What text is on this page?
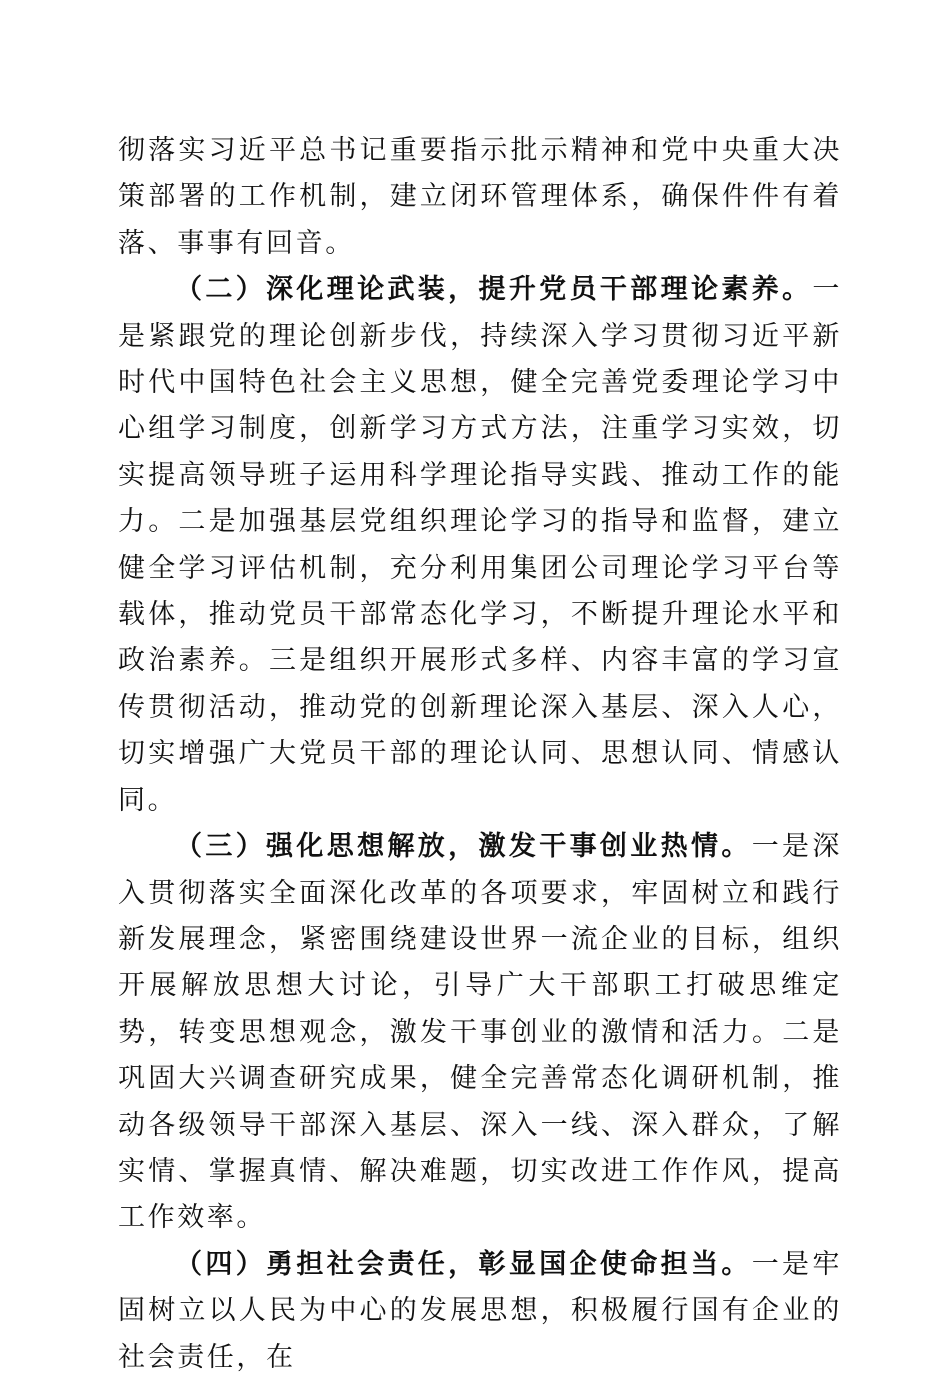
彻落实习近平总书记重要指示批示精神和党中央重大决策部署的工作机制，建立闭环管理体系，确保件件有着落、事事有回音。

（二）深化理论武装，提升党员干部理论素养。一是紧跟党的理论创新步伐，持续深入学习贯彻习近平新时代中国特色社会主义思想，健全完善党委理论学习中心组学习制度，创新学习方式方法，注重学习实效，切实提高领导班子运用科学理论指导实践、推动工作的能力。二是加强基层党组织理论学习的指导和监督，建立健全学习评估机制，充分利用集团公司理论学习平台等载体，推动党员干部常态化学习，不断提升理论水平和政治素养。三是组织开展形式多样、内容丰富的学习宣传贯彻活动，推动党的创新理论深入基层、深入人心，切实增强广大党员干部的理论认同、思想认同、情感认同。

（三）强化思想解放，激发干事创业热情。一是深入贯彻落实全面深化改革的各项要求，牢固树立和践行新发展理念，紧密围绕建设世界一流企业的目标，组织开展解放思想大讨论，引导广大干部职工打破思维定势，转变思想观念，激发干事创业的激情和活力。二是巩固大兴调查研究成果，健全完善常态化调研机制，推动各级领导干部深入基层、深入一线、深入群众，了解实情、掌握真情、解决难题，切实改进工作作风，提高工作效率。

（四）勇担社会责任，彰显国企使命担当。一是牢固树立以人民为中心的发展思想，积极履行国有企业的社会责任，在
